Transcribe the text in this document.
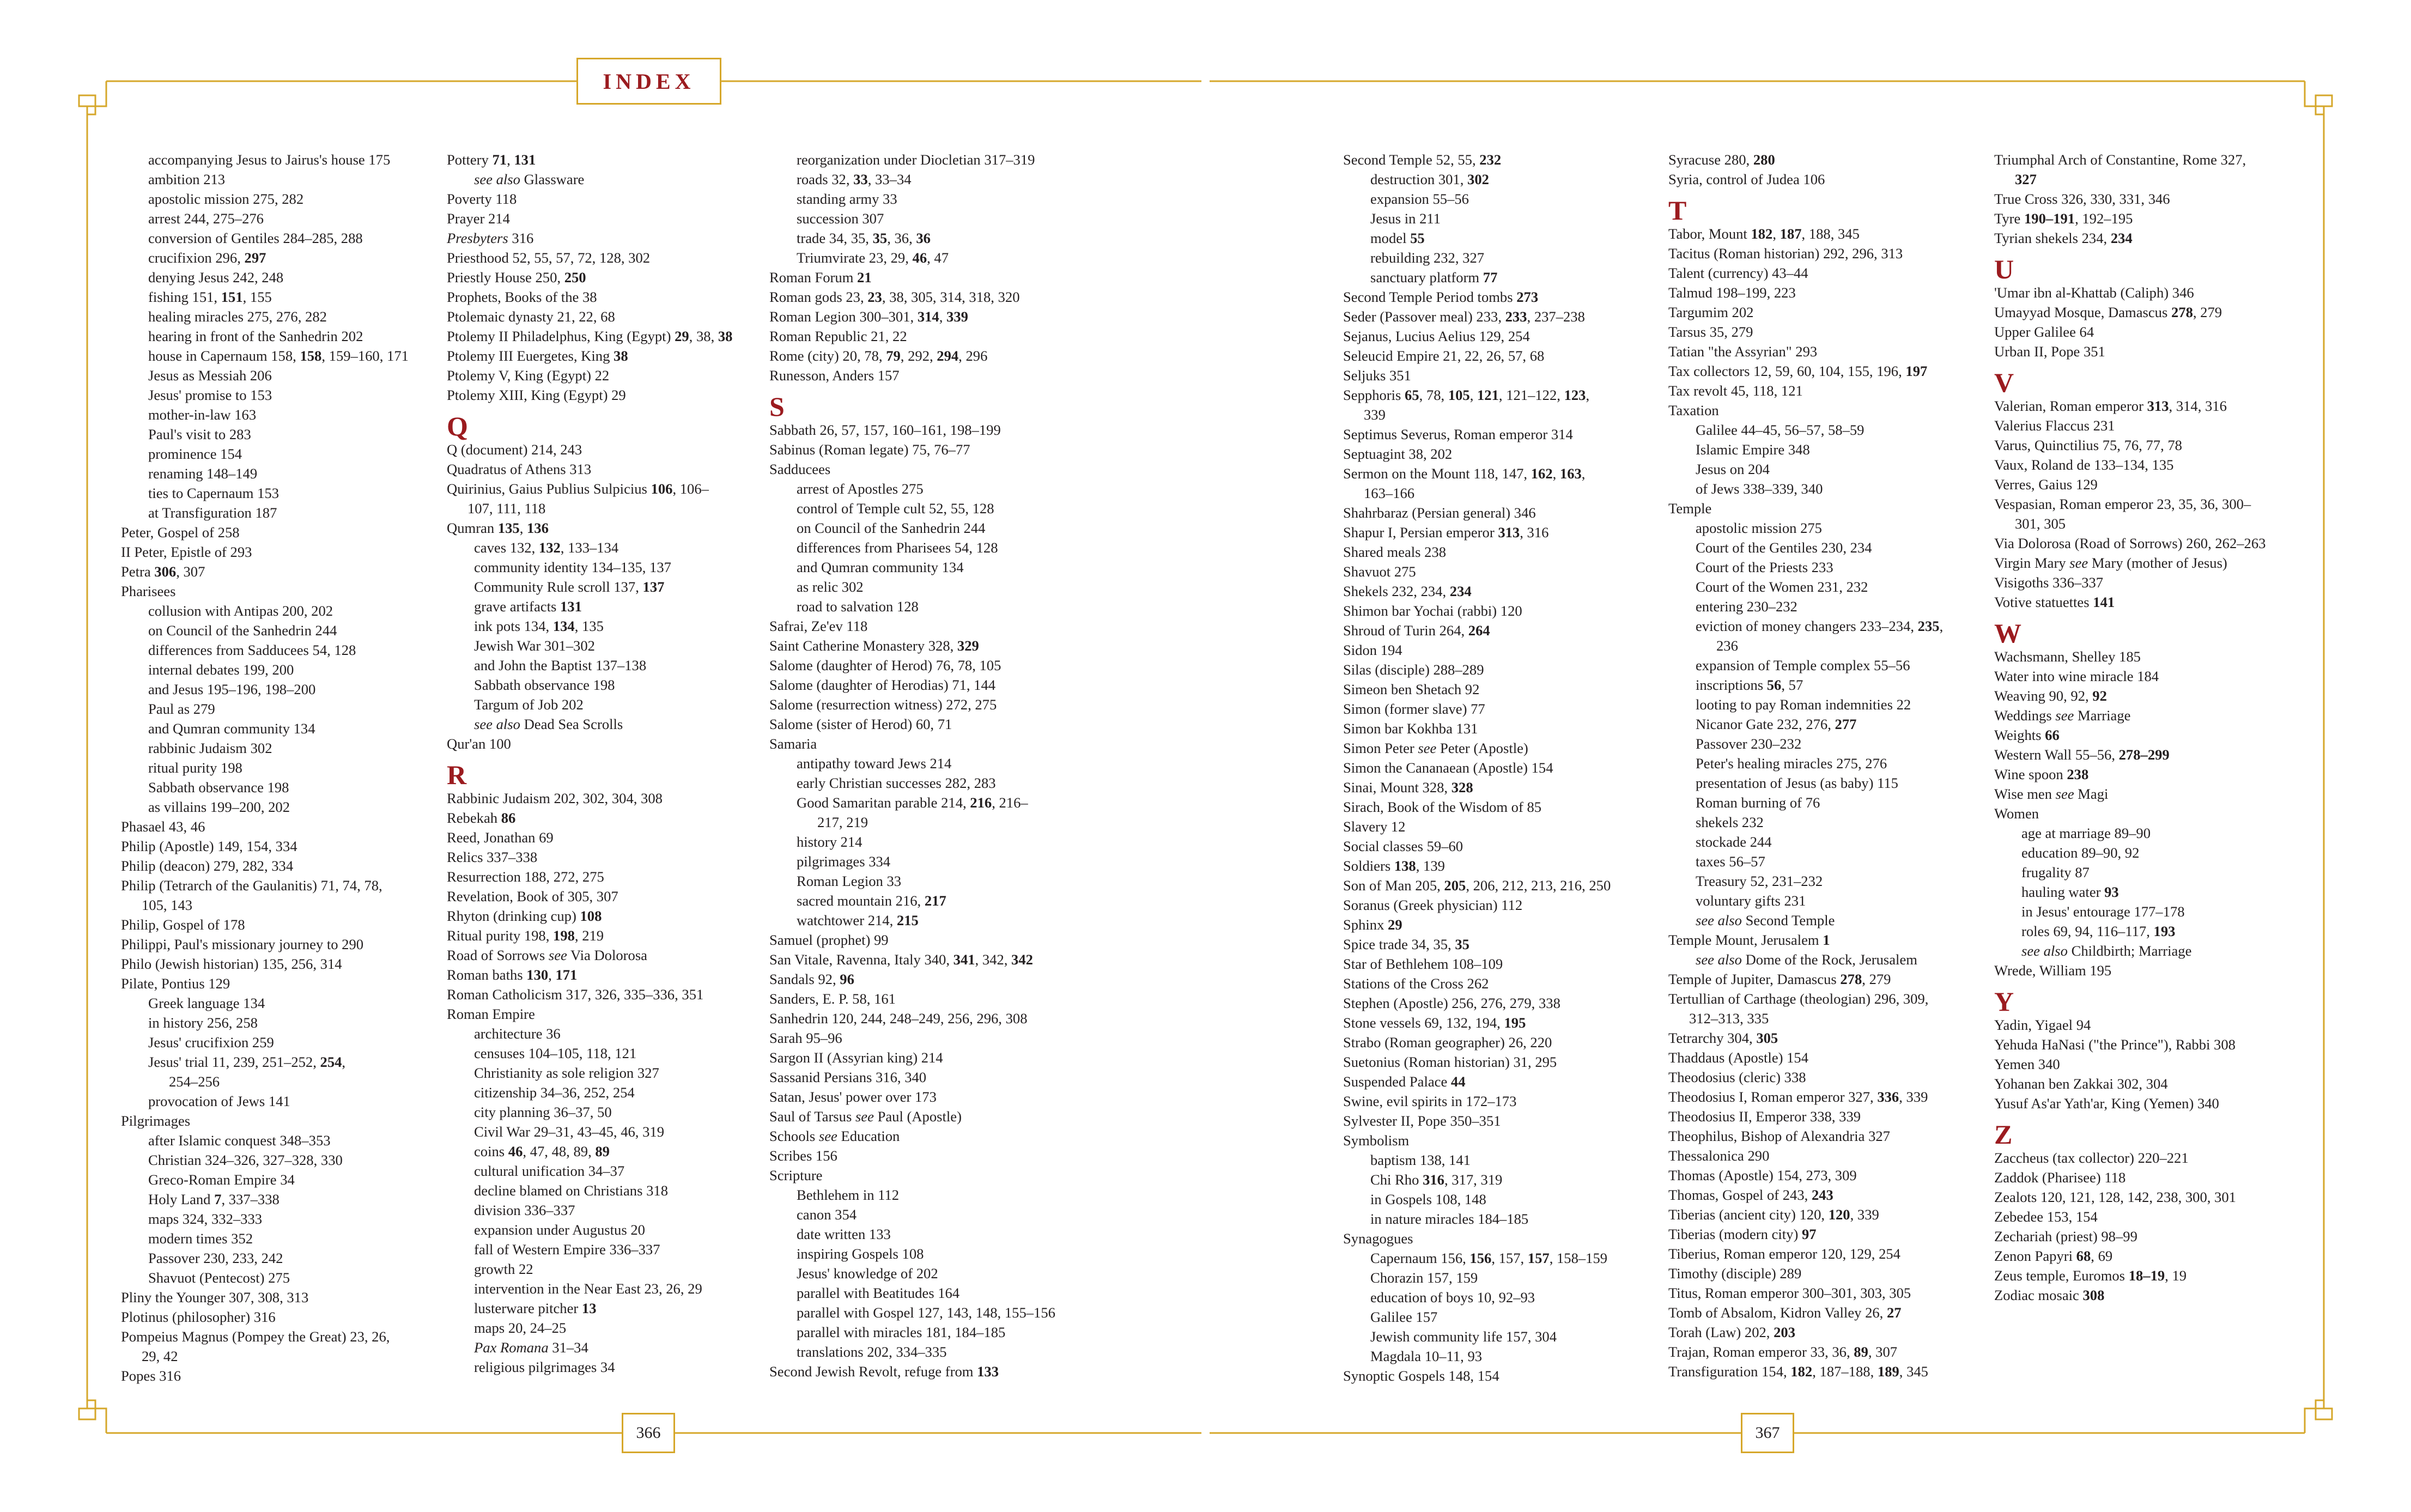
INDEX
accompanying Jesus to Jairus's house 175
ambition 213
apostolic mission 275, 282
arrest 244, 275–276
conversion of Gentiles 284–285, 288
crucifixion 296, 297
denying Jesus 242, 248
fishing 151, 151, 155
healing miracles 275, 276, 282
hearing in front of the Sanhedrin 202
house in Capernaum 158, 158, 159–160, 171
Jesus as Messiah 206
Jesus' promise to 153
mother-in-law 163
Paul's visit to 283
prominence 154
renaming 148–149
ties to Capernaum 153
at Transfiguration 187
Peter, Gospel of 258
II Peter, Epistle of 293
Petra 306, 307
Pharisees
collusion with Antipas 200, 202
on Council of the Sanhedrin 244
differences from Sadducees 54, 128
internal debates 199, 200
and Jesus 195–196, 198–200
Paul as 279
and Qumran community 134
rabbinic Judaism 302
ritual purity 198
Sabbath observance 198
as villains 199–200, 202
Phasael 43, 46
Philip (Apostle) 149, 154, 334
Philip (deacon) 279, 282, 334
Philip (Tetrarch of the Gaulanitis) 71, 74, 78,
105, 143
Philip, Gospel of 178
Philippi, Paul's missionary journey to 290
Philo (Jewish historian) 135, 256, 314
Pilate, Pontius 129
Greek language 134
in history 256, 258
Jesus' crucifixion 259
Jesus' trial 11, 239, 251–252, 254,
254–256
provocation of Jews 141
Pilgrimages
after Islamic conquest 348–353
Christian 324–326, 327–328, 330
Greco-Roman Empire 34
Holy Land 7, 337–338
maps 324, 332–333
modern times 352
Passover 230, 233, 242
Shavuot (Pentecost) 275
Pliny the Younger 307, 308, 313
Plotinus (philosopher) 316
Pompeius Magnus (Pompey the Great) 23, 26,
29, 42
Popes 316
Pottery 71, 131
see also Glassware
Poverty 118
Prayer 214
Presbyters 316
Priesthood 52, 55, 57, 72, 128, 302
Priestly House 250, 250
Prophets, Books of the 38
Ptolemaic dynasty 21, 22, 68
Ptolemy II Philadelphus, King (Egypt) 29, 38, 38
Ptolemy III Euergetes, King 38
Ptolemy V, King (Egypt) 22
Ptolemy XIII, King (Egypt) 29
Q
Q (document) 214, 243
Quadratus of Athens 313
Quirinius, Gaius Publius Sulpicius 106, 106–
107, 111, 118
Qumran 135, 136
caves 132, 132, 133–134
community identity 134–135, 137
Community Rule scroll 137, 137
grave artifacts 131
ink pots 134, 134, 135
Jewish War 301–302
and John the Baptist 137–138
Sabbath observance 198
Targum of Job 202
see also Dead Sea Scrolls
Qur'an 100
R
Rabbinic Judaism 202, 302, 304, 308
Rebekah 86
Reed, Jonathan 69
Relics 337–338
Resurrection 188, 272, 275
Revelation, Book of 305, 307
Rhyton (drinking cup) 108
Ritual purity 198, 198, 219
Road of Sorrows see Via Dolorosa
Roman baths 130, 171
Roman Catholicism 317, 326, 335–336, 351
Roman Empire
architecture 36
censuses 104–105, 118, 121
Christianity as sole religion 327
citizenship 34–36, 252, 254
city planning 36–37, 50
Civil War 29–31, 43–45, 46, 319
coins 46, 47, 48, 89, 89
cultural unification 34–37
decline blamed on Christians 318
division 336–337
expansion under Augustus 20
fall of Western Empire 336–337
growth 22
intervention in the Near East 23, 26, 29
lusterware pitcher 13
maps 20, 24–25
Pax Romana 31–34
religious pilgrimages 34
reorganization under Diocletian 317–319
roads 32, 33, 33–34
standing army 33
succession 307
trade 34, 35, 35, 36, 36
Triumvirate 23, 29, 46, 47
Roman Forum 21
Roman gods 23, 23, 38, 305, 314, 318, 320
Roman Legion 300–301, 314, 339
Roman Republic 21, 22
Rome (city) 20, 78, 79, 292, 294, 296
Runesson, Anders 157
S
Sabbath 26, 57, 157, 160–161, 198–199
Sabinus (Roman legate) 75, 76–77
Sadducees
arrest of Apostles 275
control of Temple cult 52, 55, 128
on Council of the Sanhedrin 244
differences from Pharisees 54, 128
and Qumran community 134
as relic 302
road to salvation 128
Safrai, Ze'ev 118
Saint Catherine Monastery 328, 329
Salome (daughter of Herod) 76, 78, 105
Salome (daughter of Herodias) 71, 144
Salome (resurrection witness) 272, 275
Salome (sister of Herod) 60, 71
Samaria
antipathy toward Jews 214
early Christian successes 282, 283
Good Samaritan parable 214, 216, 216–
217, 219
history 214
pilgrimages 334
Roman Legion 33
sacred mountain 216, 217
watchtower 214, 215
Samuel (prophet) 99
San Vitale, Ravenna, Italy 340, 341, 342, 342
Sandals 92, 96
Sanders, E. P. 58, 161
Sanhedrin 120, 244, 248–249, 256, 296, 308
Sarah 95–96
Sargon II (Assyrian king) 214
Sassanid Persians 316, 340
Satan, Jesus' power over 173
Saul of Tarsus see Paul (Apostle)
Schools see Education
Scribes 156
Scripture
Bethlehem in 112
canon 354
date written 133
inspiring Gospels 108
Jesus' knowledge of 202
parallel with Beatitudes 164
parallel with Gospel 127, 143, 148, 155–156
parallel with miracles 181, 184–185
translations 202, 334–335
Second Jewish Revolt, refuge from 133
Second Temple 52, 55, 232
destruction 301, 302
expansion 55–56
Jesus in 211
model 55
rebuilding 232, 327
sanctuary platform 77
Second Temple Period tombs 273
Seder (Passover meal) 233, 233, 237–238
Sejanus, Lucius Aelius 129, 254
Seleucid Empire 21, 22, 26, 57, 68
Seljuks 351
Sepphoris 65, 78, 105, 121, 121–122, 123,
339
Septimus Severus, Roman emperor 314
Septuagint 38, 202
Sermon on the Mount 118, 147, 162, 163,
163–166
Shahrbaraz (Persian general) 346
Shapur I, Persian emperor 313, 316
Shared meals 238
Shavuot 275
Shekels 232, 234, 234
Shimon bar Yochai (rabbi) 120
Shroud of Turin 264, 264
Sidon 194
Silas (disciple) 288–289
Simeon ben Shetach 92
Simon (former slave) 77
Simon bar Kokhba 131
Simon Peter see Peter (Apostle)
Simon the Cananaean (Apostle) 154
Sinai, Mount 328, 328
Sirach, Book of the Wisdom of 85
Slavery 12
Social classes 59–60
Soldiers 138, 139
Son of Man 205, 205, 206, 212, 213, 216, 250
Soranus (Greek physician) 112
Sphinx 29
Spice trade 34, 35, 35
Star of Bethlehem 108–109
Stations of the Cross 262
Stephen (Apostle) 256, 276, 279, 338
Stone vessels 69, 132, 194, 195
Strabo (Roman geographer) 26, 220
Suetonius (Roman historian) 31, 295
Suspended Palace 44
Swine, evil spirits in 172–173
Sylvester II, Pope 350–351
Symbolism
baptism 138, 141
Chi Rho 316, 317, 319
in Gospels 108, 148
in nature miracles 184–185
Synagogues
Capernaum 156, 156, 157, 157, 158–159
Chorazin 157, 159
education of boys 10, 92–93
Galilee 157
Jewish community life 157, 304
Magdala 10–11, 93
Synoptic Gospels 148, 154
Syracuse 280, 280
Syria, control of Judea 106
T
Tabor, Mount 182, 187, 188, 345
Tacitus (Roman historian) 292, 296, 313
Talent (currency) 43–44
Talmud 198–199, 223
Targumim 202
Tarsus 35, 279
Tatian "the Assyrian" 293
Tax collectors 12, 59, 60, 104, 155, 196, 197
Tax revolt 45, 118, 121
Taxation
Galilee 44–45, 56–57, 58–59
Islamic Empire 348
Jesus on 204
of Jews 338–339, 340
Temple
apostolic mission 275
Court of the Gentiles 230, 234
Court of the Priests 233
Court of the Women 231, 232
entering 230–232
eviction of money changers 233–234, 235,
236
expansion of Temple complex 55–56
inscriptions 56, 57
looting to pay Roman indemnities 22
Nicanor Gate 232, 276, 277
Passover 230–232
Peter's healing miracles 275, 276
presentation of Jesus (as baby) 115
Roman burning of 76
shekels 232
stockade 244
taxes 56–57
Treasury 52, 231–232
voluntary gifts 231
see also Second Temple
Temple Mount, Jerusalem 1
see also Dome of the Rock, Jerusalem
Temple of Jupiter, Damascus 278, 279
Tertullian of Carthage (theologian) 296, 309,
312–313, 335
Tetrarchy 304, 305
Thaddaus (Apostle) 154
Theodosius (cleric) 338
Theodosius I, Roman emperor 327, 336, 339
Theodosius II, Emperor 338, 339
Theophilus, Bishop of Alexandria 327
Thessalonica 290
Thomas (Apostle) 154, 273, 309
Thomas, Gospel of 243, 243
Tiberias (ancient city) 120, 120, 339
Tiberias (modern city) 97
Tiberius, Roman emperor 120, 129, 254
Timothy (disciple) 289
Titus, Roman emperor 300–301, 303, 305
Tomb of Absalom, Kidron Valley 26, 27
Torah (Law) 202, 203
Trajan, Roman emperor 33, 36, 89, 307
Transfiguration 154, 182, 187–188, 189, 345
Triumphal Arch of Constantine, Rome 327,
327
True Cross 326, 330, 331, 346
Tyre 190–191, 192–195
Tyrian shekels 234, 234
U
'Umar ibn al-Khattab (Caliph) 346
Umayyad Mosque, Damascus 278, 279
Upper Galilee 64
Urban II, Pope 351
V
Valerian, Roman emperor 313, 314, 316
Valerius Flaccus 231
Varus, Quinctilius 75, 76, 77, 78
Vaux, Roland de 133–134, 135
Verres, Gaius 129
Vespasian, Roman emperor 23, 35, 36, 300–
301, 305
Via Dolorosa (Road of Sorrows) 260, 262–263
Virgin Mary see Mary (mother of Jesus)
Visigoths 336–337
Votive statuettes 141
W
Wachsmann, Shelley 185
Water into wine miracle 184
Weaving 90, 92, 92
Weddings see Marriage
Weights 66
Western Wall 55–56, 278–299
Wine spoon 238
Wise men see Magi
Women
age at marriage 89–90
education 89–90, 92
frugality 87
hauling water 93
in Jesus' entourage 177–178
roles 69, 94, 116–117, 193
see also Childbirth; Marriage
Wrede, William 195
Y
Yadin, Yigael 94
Yehuda HaNasi ("the Prince"), Rabbi 308
Yemen 340
Yohanan ben Zakkai 302, 304
Yusuf As'ar Yath'ar, King (Yemen) 340
Z
Zaccheus (tax collector) 220–221
Zaddok (Pharisee) 118
Zealots 120, 121, 128, 142, 238, 300, 301
Zebedee 153, 154
Zechariah (priest) 98–99
Zenon Papyri 68, 69
Zeus temple, Euromos 18–19, 19
Zodiac mosaic 308
366	367
